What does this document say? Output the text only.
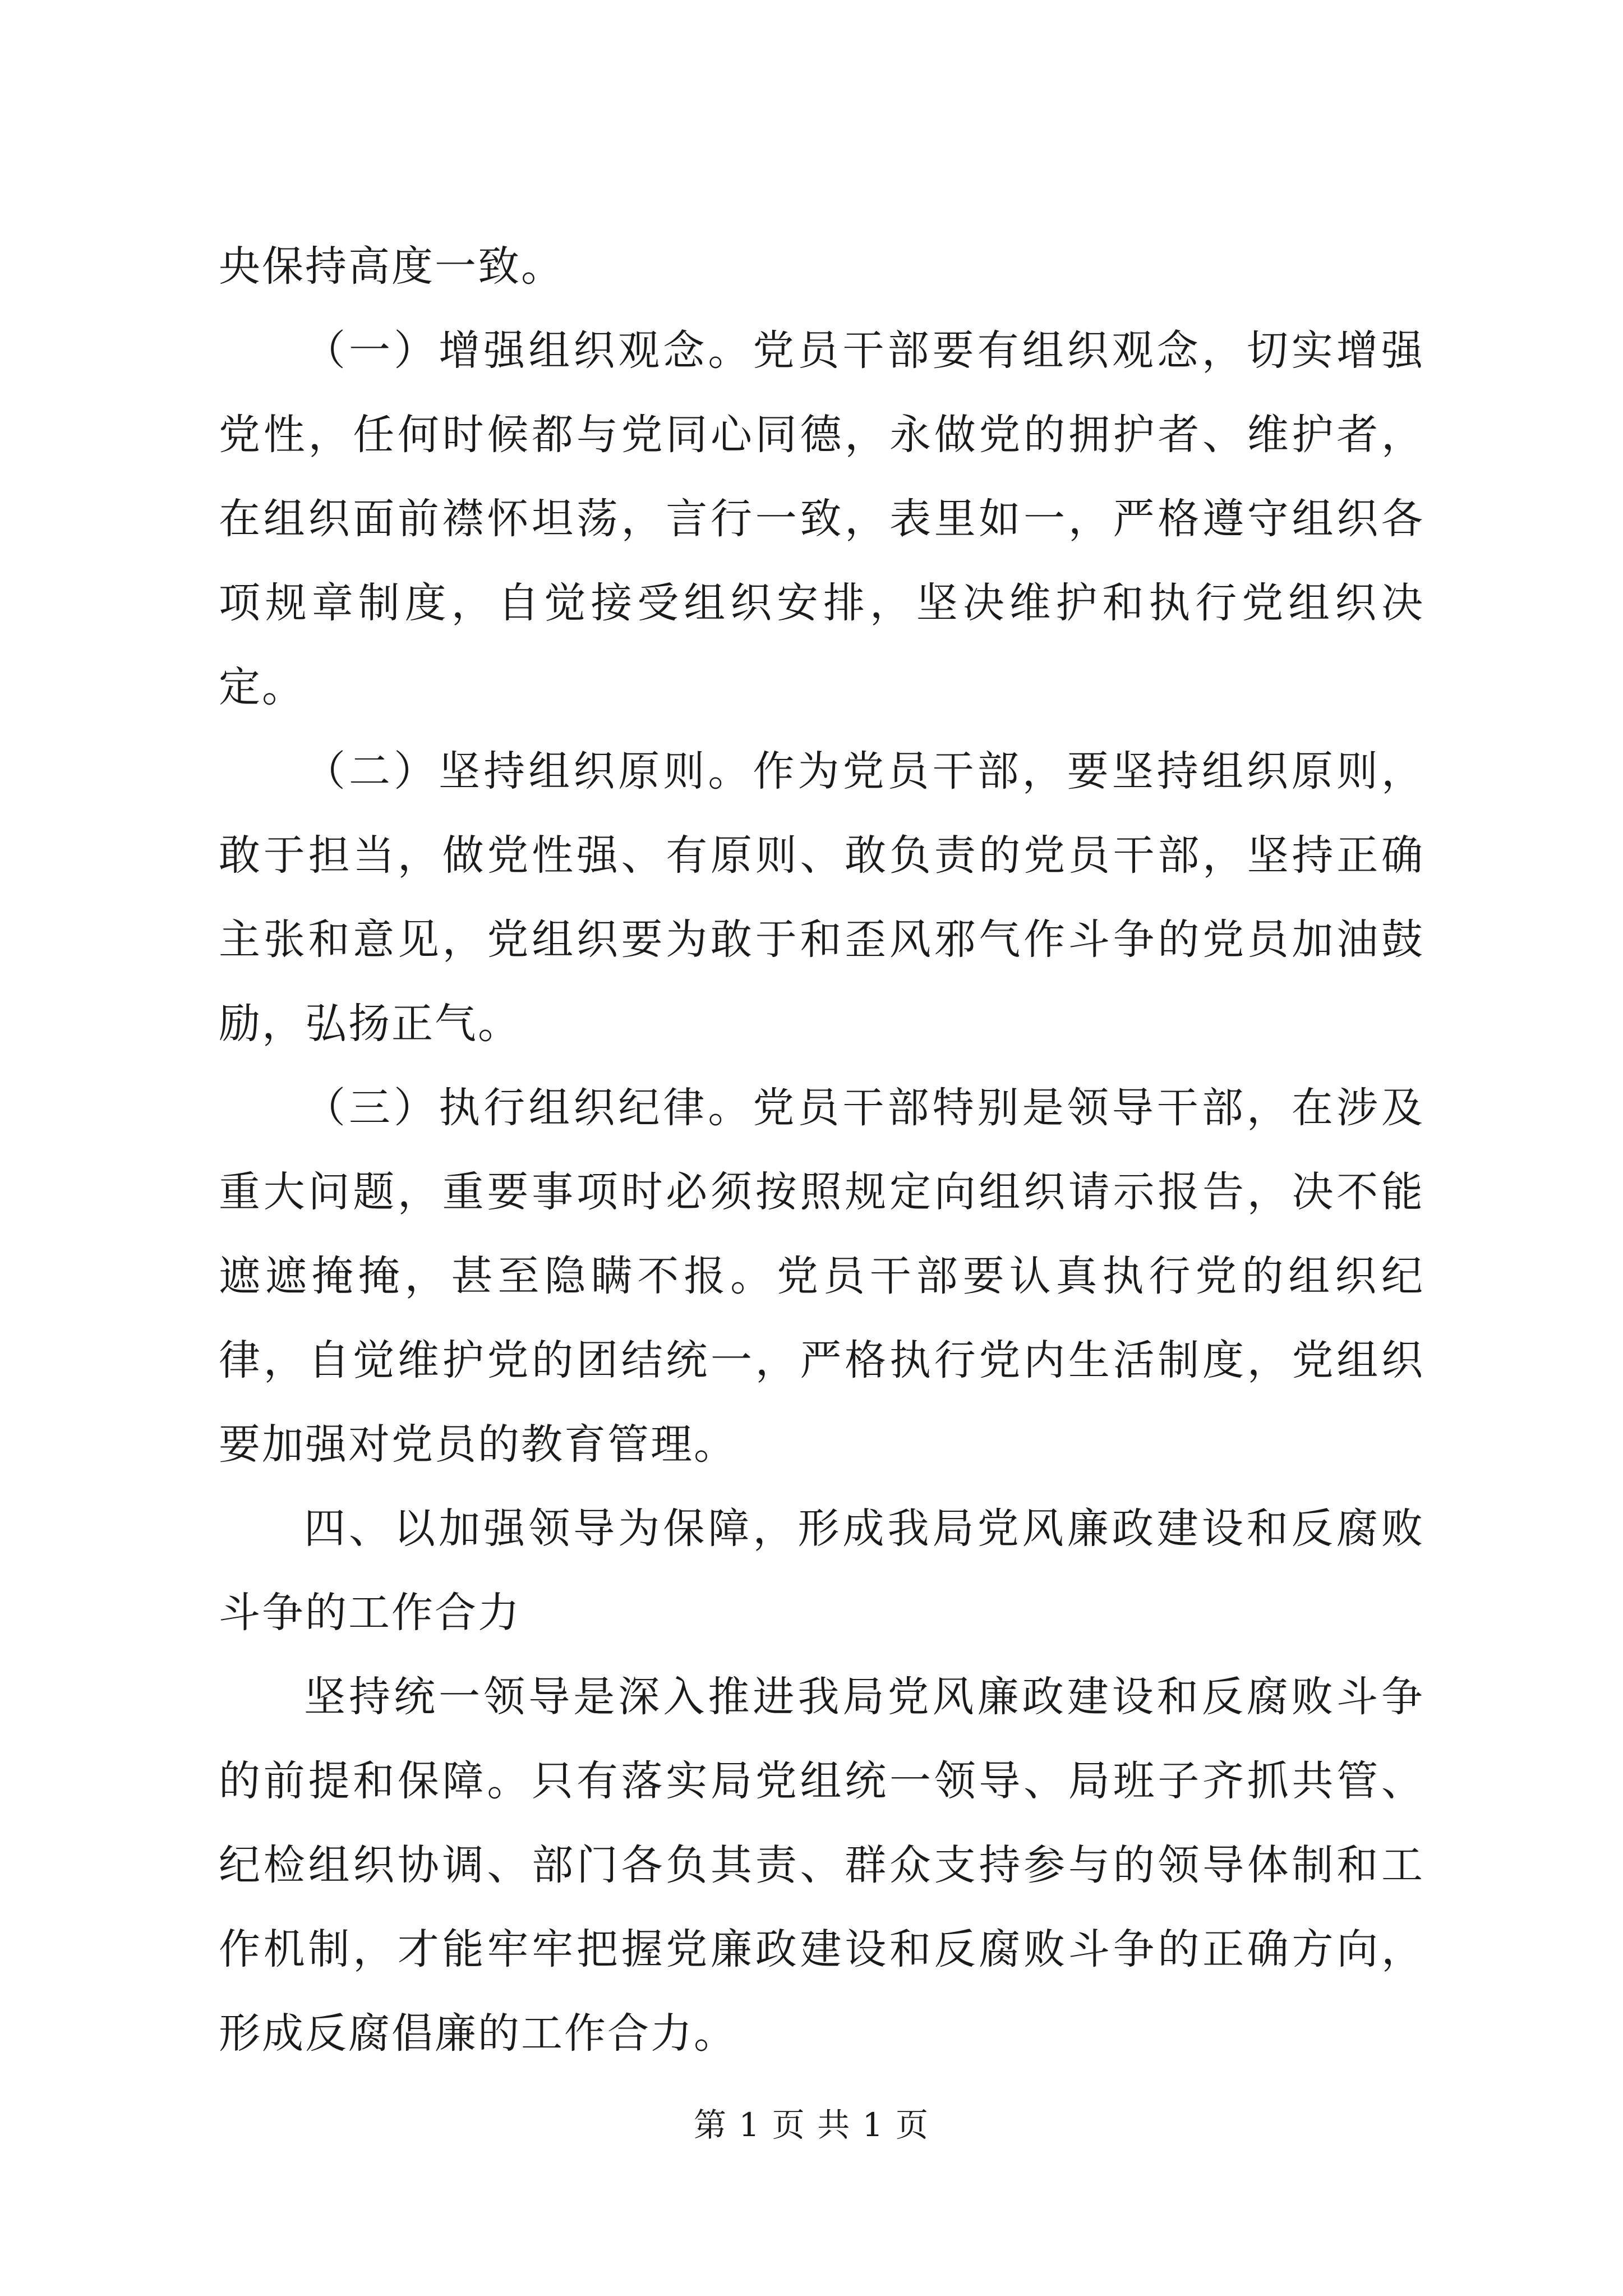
央保持高度一致。

（一）增强组织观念。党员干部要有组织观念，切实增强党性，任何时候都与党同心同德，永做党的拥护者、维护者，在组织面前襟怀坦荡，言行一致，表里如一，严格遵守组织各项规章制度，自觉接受组织安排，坚决维护和执行党组织决定。

（二）坚持组织原则。作为党员干部，要坚持组织原则，敢于担当，做党性强、有原则、敢负责的党员干部，坚持正确主张和意见，党组织要为敢于和歪风邪气作斗争的党员加油鼓励，弘扬正气。

（三）执行组织纪律。党员干部特别是领导干部，在涉及重大问题，重要事项时必须按照规定向组织请示报告，决不能遮遮掩掩，甚至隐瞒不报。党员干部要认真执行党的组织纪律，自觉维护党的团结统一，严格执行党内生活制度，党组织要加强对党员的教育管理。

四、以加强领导为保障，形成我局党风廉政建设和反腐败斗争的工作合力

坚持统一领导是深入推进我局党风廉政建设和反腐败斗争的前提和保障。只有落实局党组统一领导、局班子齐抓共管、纪检组织协调、部门各负其责、群众支持参与的领导体制和工作机制，才能牢牢把握党廉政建设和反腐败斗争的正确方向，形成反腐倡廉的工作合力。

第 1 页 共 1 页
